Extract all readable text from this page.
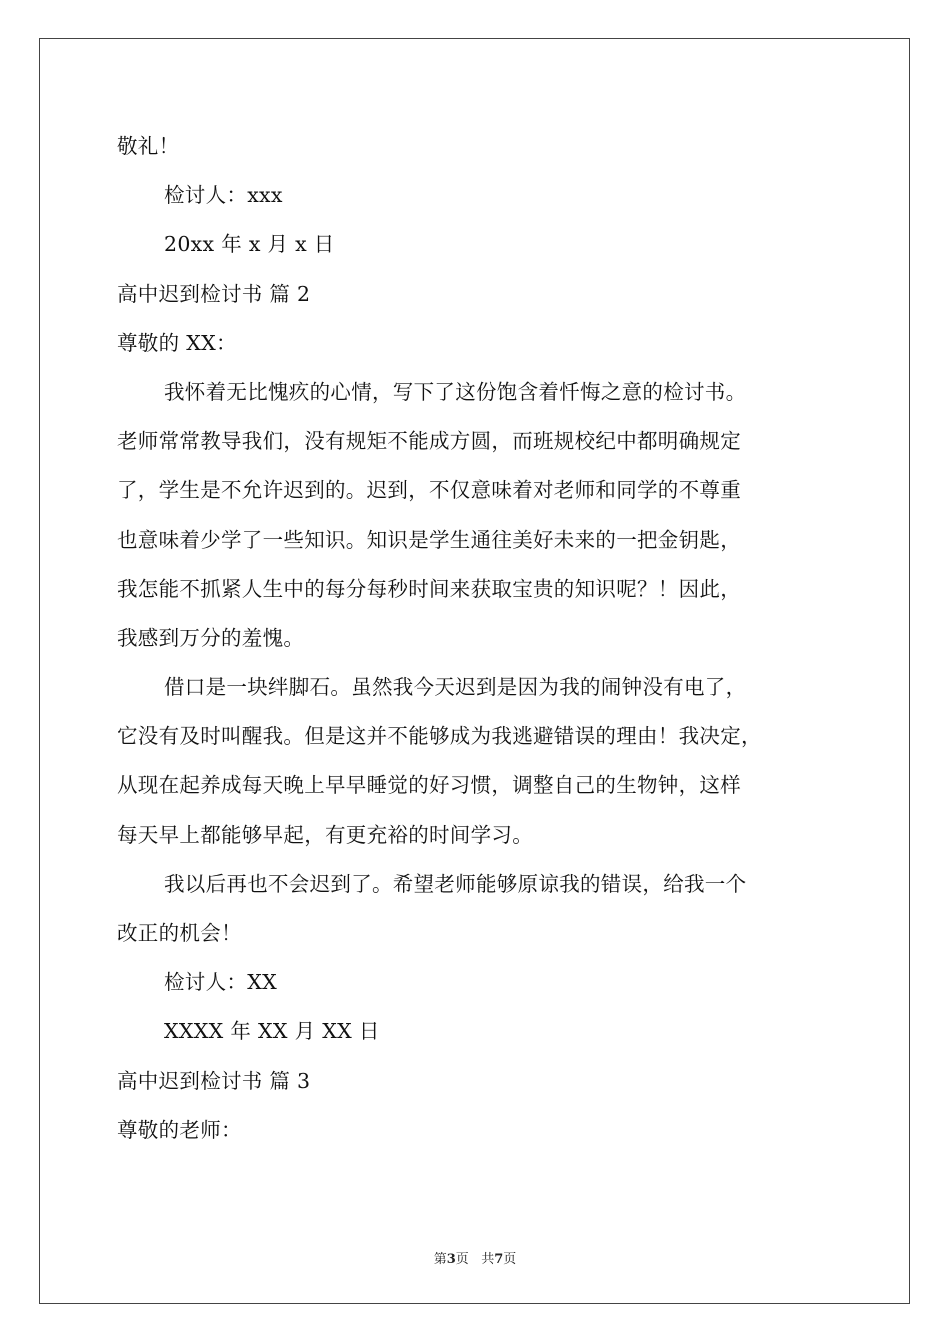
敬礼！
检讨人：xxx
20xx 年 x 月 x 日
高中迟到检讨书 篇 2
尊敬的 XX：
我怀着无比愧疚的心情，写下了这份饱含着忏悔之意的检讨书。
老师常常教导我们，没有规矩不能成方圆，而班规校纪中都明确规定
了，学生是不允许迟到的。迟到，不仅意味着对老师和同学的不尊重
也意味着少学了一些知识。知识是学生通往美好未来的一把金钥匙，
我怎能不抓紧人生中的每分每秒时间来获取宝贵的知识呢？！因此，
我感到万分的羞愧。
借口是一块绊脚石。虽然我今天迟到是因为我的闹钟没有电了，
它没有及时叫醒我。但是这并不能够成为我逃避错误的理由！我决定，
从现在起养成每天晚上早早睡觉的好习惯，调整自己的生物钟，这样
每天早上都能够早起，有更充裕的时间学习。
我以后再也不会迟到了。希望老师能够原谅我的错误，给我一个
改正的机会！
检讨人：XX
XXXX 年 XX 月 XX 日
高中迟到检讨书 篇 3
尊敬的老师：
第3页 共7页
